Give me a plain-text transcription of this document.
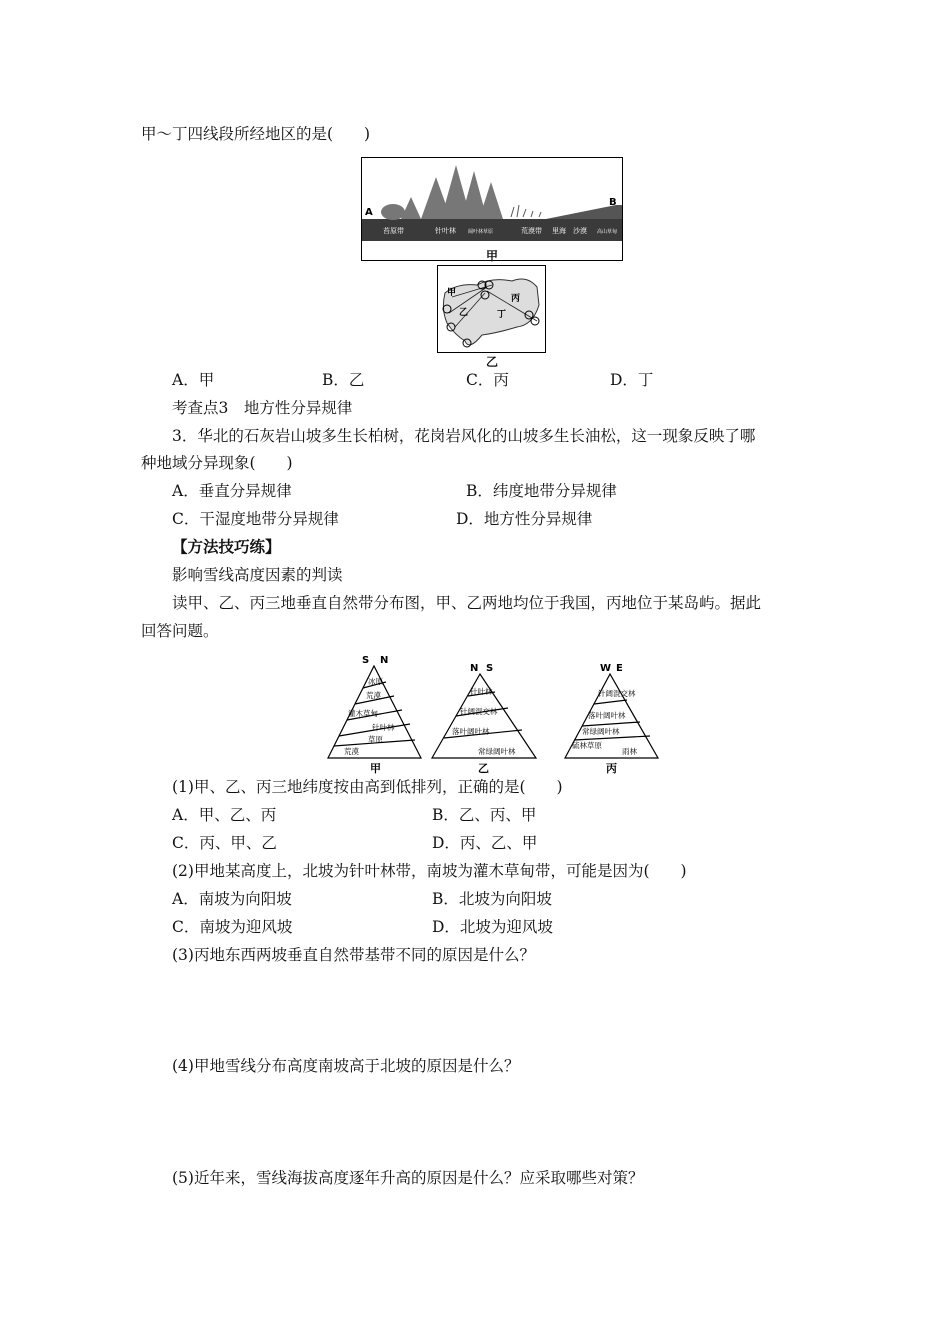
甲～丁四线段所经地区的是(　　)
A
B
苔原带	针叶林 阔叶林 草原	荒漠带 里海 沙漠 高山草甸
甲
甲
乙
丙
丁
乙
A．甲	B．乙	C．丙	D．丁
考查点3　地方性分异规律
3．华北的石灰岩山坡多生长柏树，花岗岩风化的山坡多生长油松，这一现象反映了哪
种地域分异现象(　　)
A．垂直分异规律	B．纬度地带分异规律
C．干湿度地带分异规律	D．地方性分异规律
【方法技巧练】
影响雪线高度因素的判读
读甲、乙、丙三地垂直自然带分布图，甲、乙两地均位于我国，丙地位于某岛屿。据此
回答问题。
S N
N S	W E
冰原
荒漠
灌木草甸
针叶林
草原
荒漠
针叶林
针阔混交林
落叶阔叶林
常绿阔叶林
针阔混交林
落叶阔叶林
常绿阔叶林
硫林草原
雨林
甲	乙	丙
(1)甲、乙、丙三地纬度按由高到低排列，正确的是(　　)
A．甲、乙、丙	B．乙、丙、甲
C．丙、甲、乙	D．丙、乙、甲
(2)甲地某高度上，北坡为针叶林带，南坡为灌木草甸带，可能是因为(　　)
A．南坡为向阳坡	B．北坡为向阳坡
C．南坡为迎风坡	D．北坡为迎风坡
(3)丙地东西两坡垂直自然带基带不同的原因是什么？
(4)甲地雪线分布高度南坡高于北坡的原因是什么？
(5)近年来，雪线海拔高度逐年升高的原因是什么？应采取哪些对策？
